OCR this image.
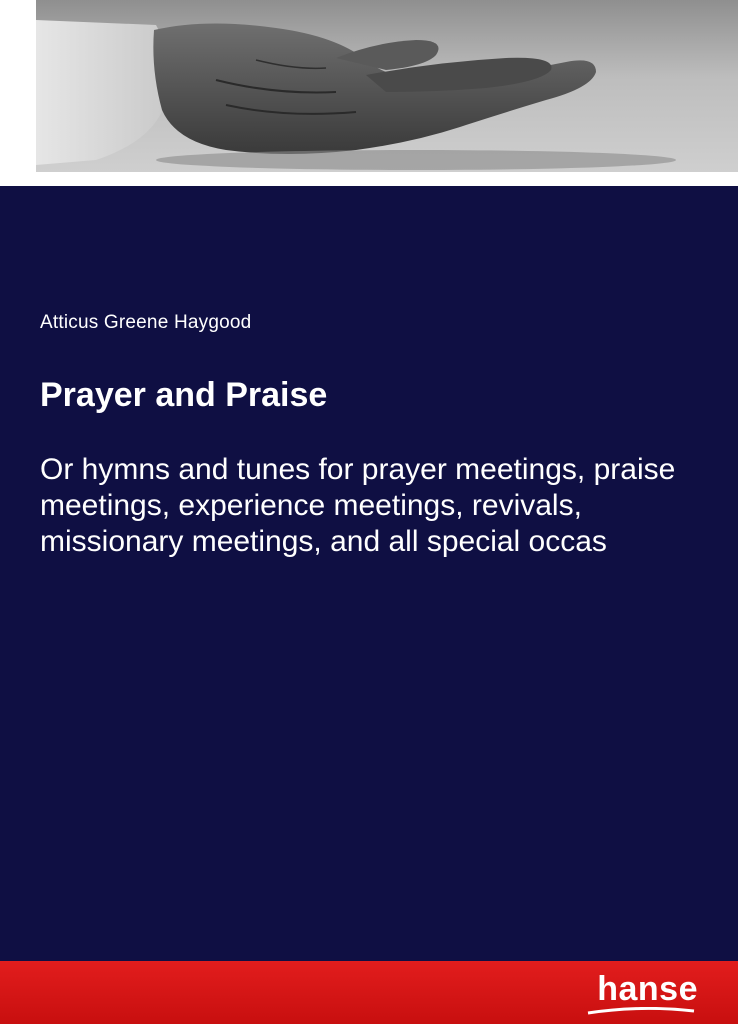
Atticus Greene Haygood
Prayer and Praise
Or hymns and tunes for prayer meetings, praise meetings, experience meetings, revivals, missionary meetings, and all special occas
hanse
